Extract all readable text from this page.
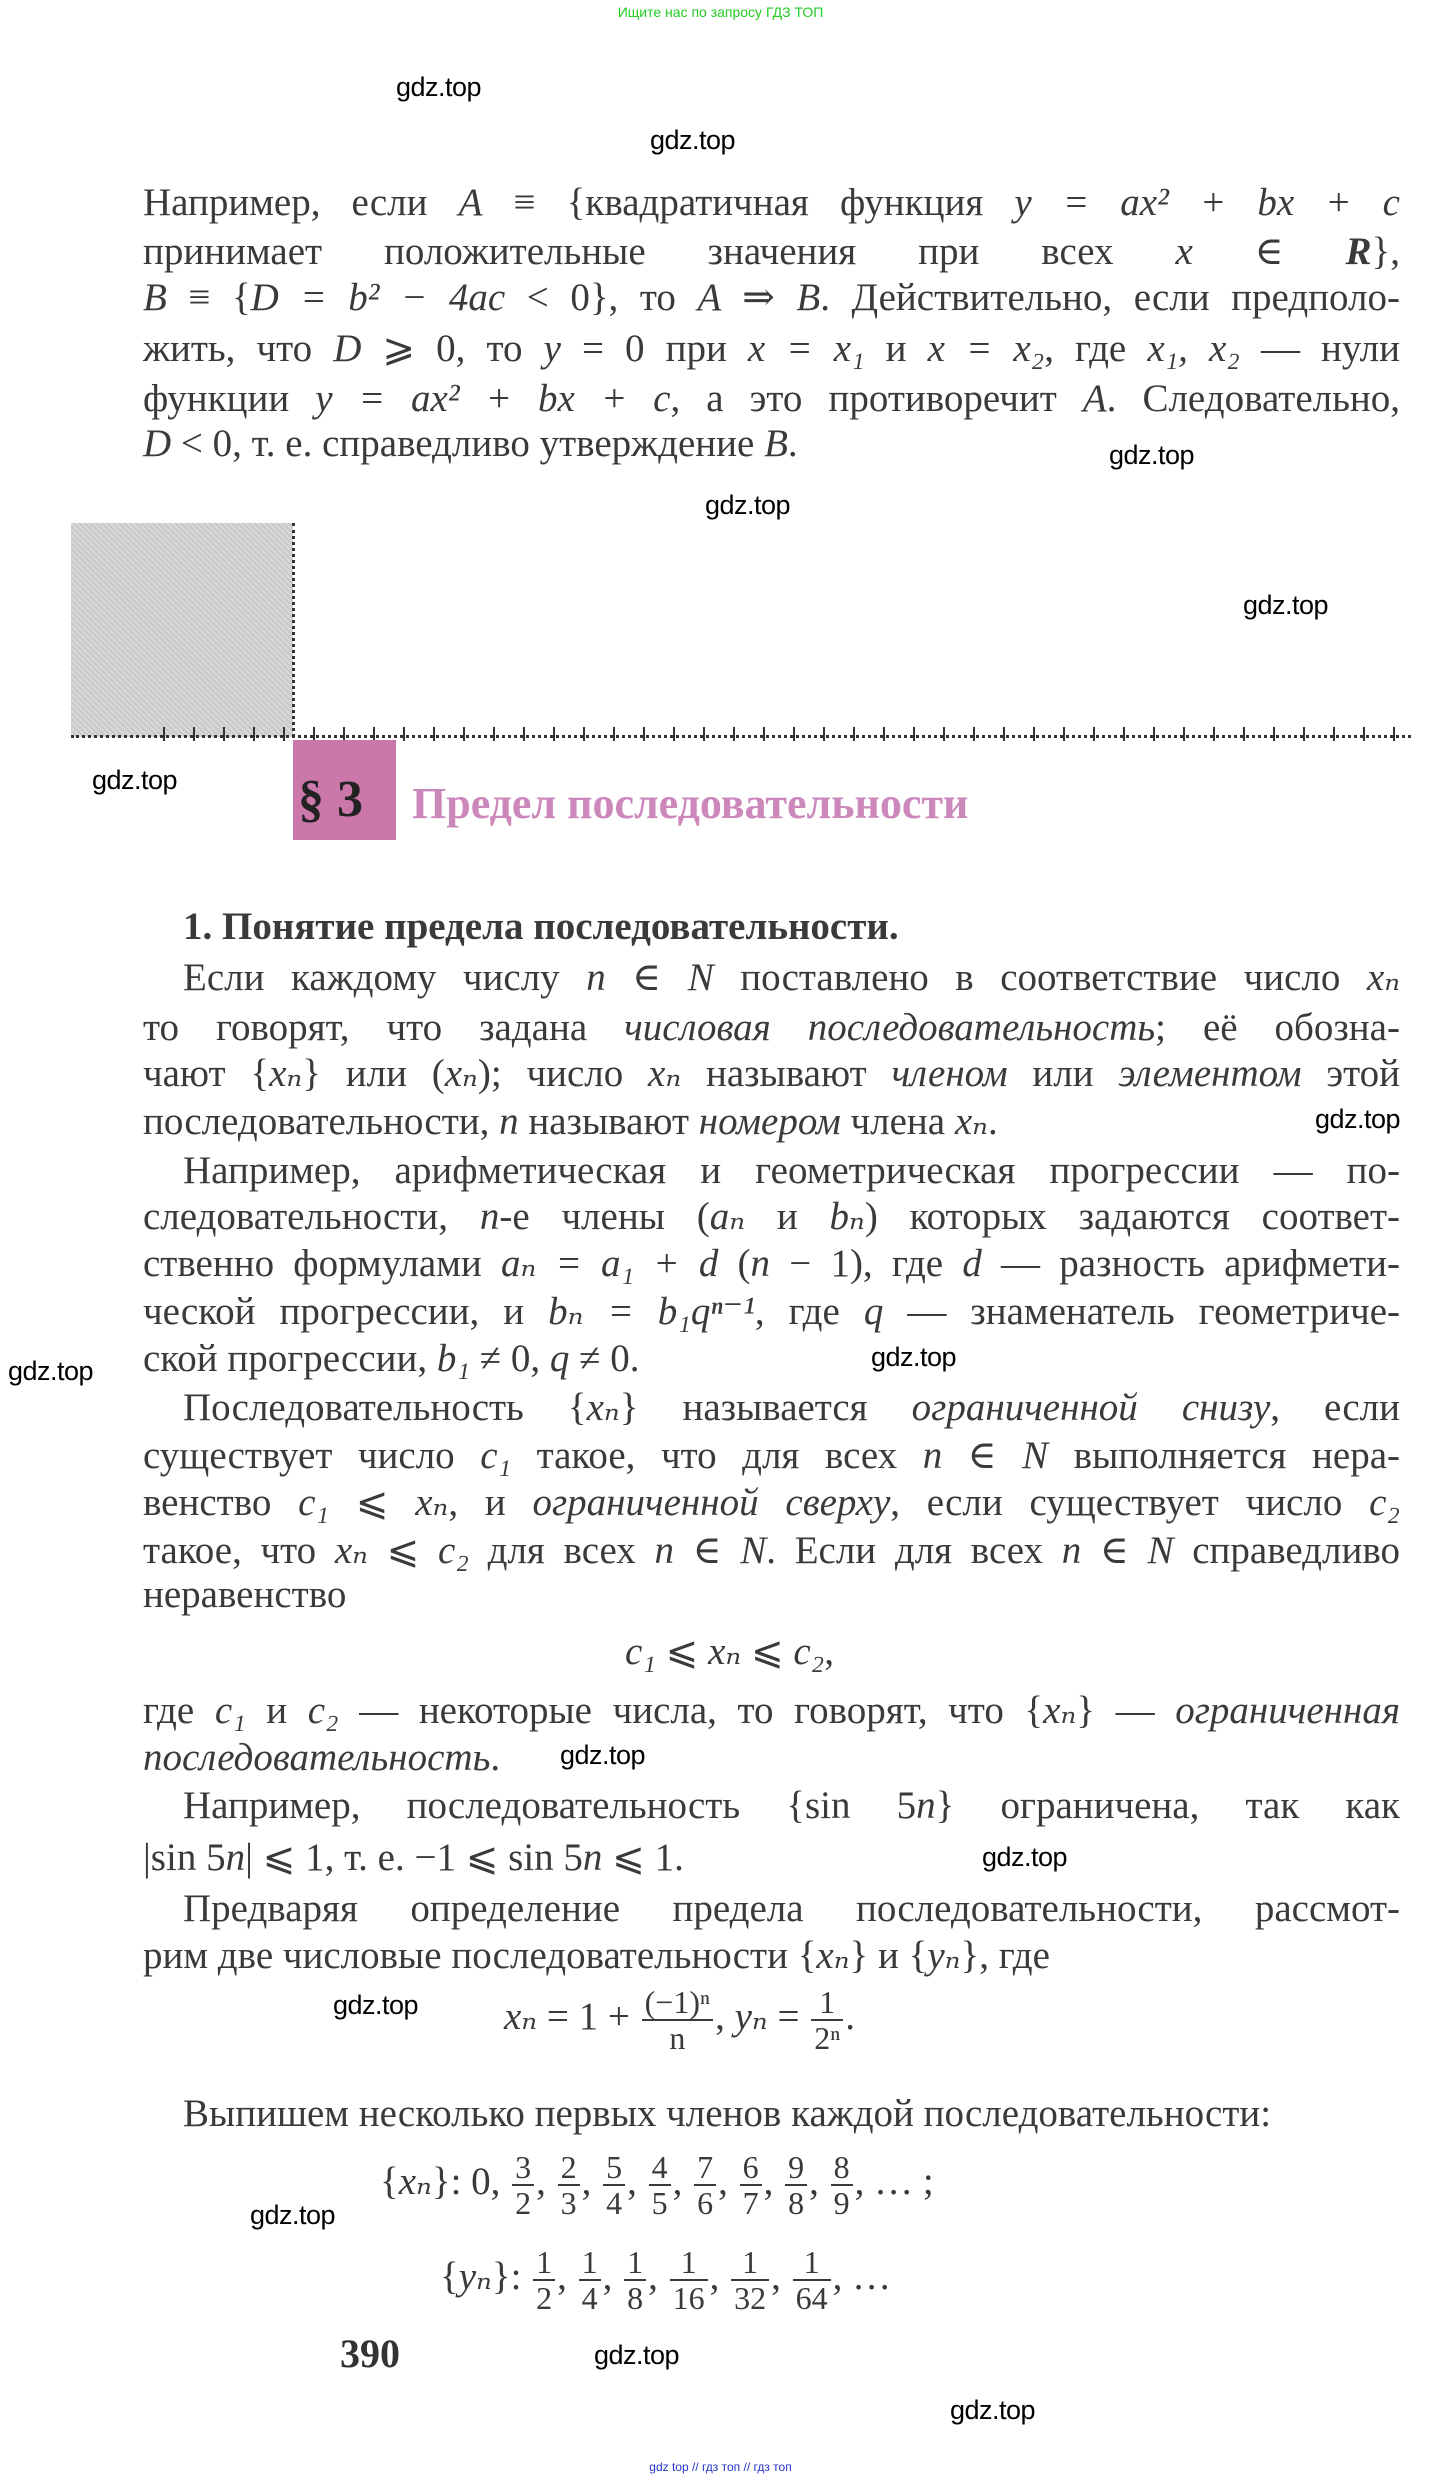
Ищите нас по запросу ГДЗ ТОП
§ 3 Предел последовательности
Например, если A ≡ {квадратичная функция y = ax² + bx + c
принимает положительные значения при всех x ∈ R},
B ≡ {D = b² − 4ac < 0}, то A ⇒ B. Действительно, если предполо-
жить, что D ⩾ 0, то y = 0 при x = x₁ и x = x₂, где x₁, x₂ — нули
функции y = ax² + bx + c, а это противоречит A. Следовательно,
D < 0, т. е. справедливо утверждение B.
1. Понятие предела последовательности.
Если каждому числу n ∈ N поставлено в соответствие число xₙ
то говорят, что задана числовая последовательность; её обозна-
чают {xₙ} или (xₙ); число xₙ называют членом или элементом этой
последовательности, n называют номером члена xₙ.
Например, арифметическая и геометрическая прогрессии — по-
следовательности, n-е члены (aₙ и bₙ) которых задаются соответ-
ственно формулами aₙ = a₁ + d (n − 1), где d — разность арифмети-
ческой прогрессии, и bₙ = b₁qⁿ⁻¹, где q — знаменатель геометриче-
ской прогрессии, b₁ ≠ 0, q ≠ 0.
Последовательность {xₙ} называется ограниченной снизу, если
существует число c₁ такое, что для всех n ∈ N выполняется нера-
венство c₁ ⩽ xₙ, и ограниченной сверху, если существует число c₂
такое, что xₙ ⩽ c₂ для всех n ∈ N. Если для всех n ∈ N справедливо
неравенство
c₁ ⩽ xₙ ⩽ c₂,
где c₁ и c₂ — некоторые числа, то говорят, что {xₙ} — ограниченная
последовательность.
Например, последовательность {sin 5n} ограничена, так как
|sin 5n| ⩽ 1, т. е. −1 ⩽ sin 5n ⩽ 1.
Предваряя определение предела последовательности, рассмот-
рим две числовые последовательности {xₙ} и {yₙ}, где
$x_n = 1 + \frac{\text{(−1)ⁿ}}{n}$ , $y_n = \frac{1}{\text{2ⁿ}}$ .
Выпишем несколько первых членов каждой последовательности:
{xₙ}: 0, $\frac{3}{2}$ , $\frac{2}{3}$ , $\frac{5}{4}$ , $\frac{4}{5}$ , $\frac{7}{6}$ , $\frac{6}{7}$ , $\frac{9}{8}$ , $\frac{8}{9}$ , … ;
{yₙ}: $\frac{1}{2}$ , $\frac{1}{4}$ , $\frac{1}{8}$ , $\frac{1}{16}$ , $\frac{1}{32}$ , $\frac{1}{64}$ , …
390
gdz.top
gdz.top
gdz.top
gdz.top
gdz.top
gdz.top
gdz.top
gdz.top
gdz.top
gdz.top
gdz.top
gdz.top
gdz.top
gdz.top
gdz.top
gdz top // гдз топ // гдз топ
